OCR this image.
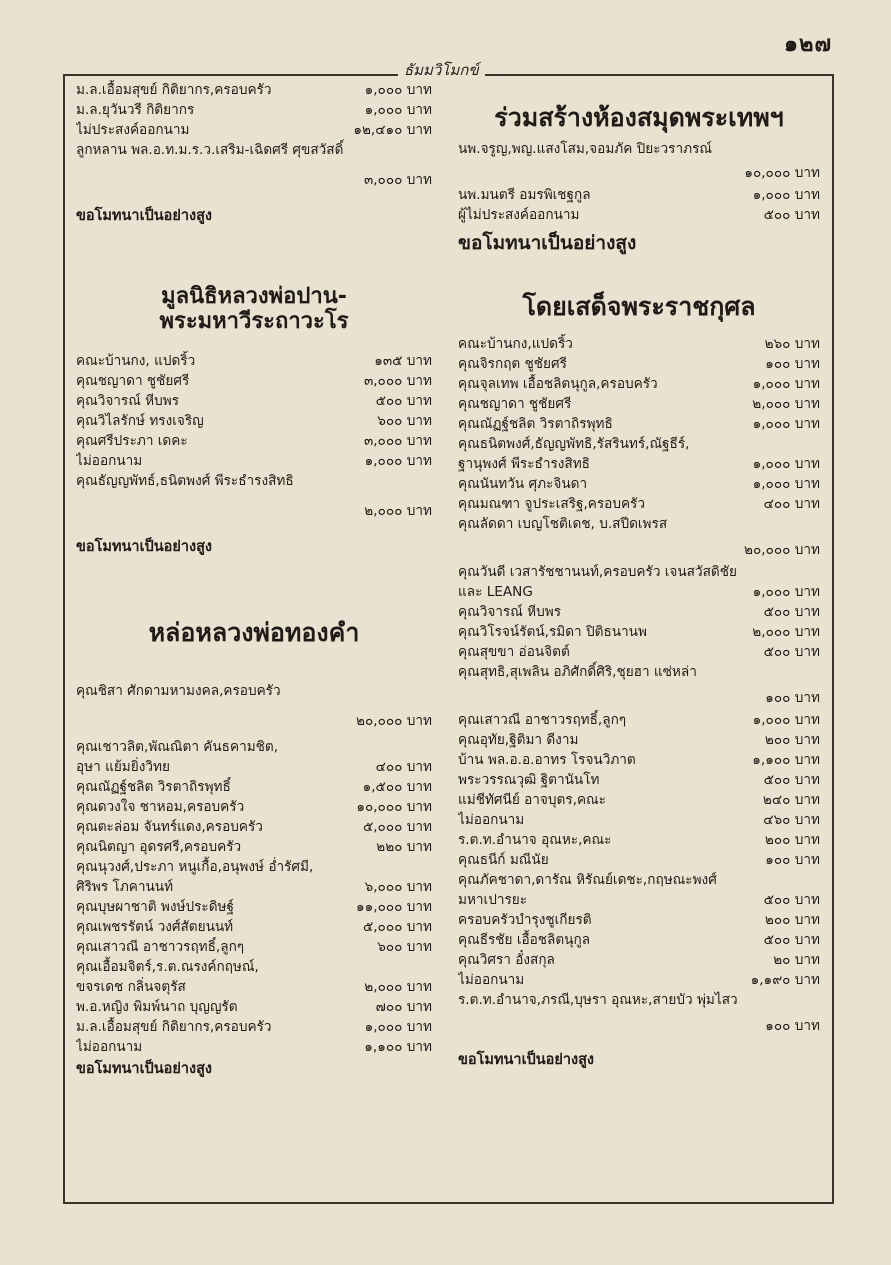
๑๒๗
ธัมมวิโมกข์
ม.ล.เอื้อมสุขย์ กิติยากร,ครอบครัว	๑,๐๐๐ บาท
ม.ล.ยุวันวรี กิติยากร	๑,๐๐๐ บาท
ไม่ประสงค์ออกนาม	๑๒,๔๑๐ บาท
ลูกหลาน พล.อ.ท.ม.ร.ว.เสริม-เฉิดศรี ศุขสวัสดิ์
๓,๐๐๐ บาท
ขอโมทนาเป็นอย่างสูง
มูลนิธิหลวงพ่อปาน-
พระมหาวีระถาวะโร
คณะบ้านกง, แปดริ้ว	๑๓๕ บาท
คุณชญาดา ชูชัยศรี	๓,๐๐๐ บาท
คุณวิจารณ์ หีบพร	๕๐๐ บาท
คุณวิไลรักษ์ ทรงเจริญ	๖๐๐ บาท
คุณศรีประภา เดคะ	๓,๐๐๐ บาท
ไม่ออกนาม	๑,๐๐๐ บาท
คุณธัญญพัทธ์,ธนิตพงศ์ พีระธำรงสิทธิ
๒,๐๐๐ บาท
ขอโมทนาเป็นอย่างสูง
หล่อหลวงพ่อทองคำ
คุณชิสา ศักดามหามงคล,ครอบครัว
๒๐,๐๐๐ บาท
คุณเชาวลิต,พัณณิตา คันธคามชิต,
อุษา แย้มยิ่งวิทย	๔๐๐ บาท
คุณณัฏฐ์ชลิต วิรตาถิรพุทธิ์	๑,๕๐๐ บาท
คุณดวงใจ ชาหอม,ครอบครัว	๑๐,๐๐๐ บาท
คุณตะล่อม จันทร์แดง,ครอบครัว	๕,๐๐๐ บาท
คุณนิตญา อุดรศรี,ครอบครัว	๒๒๐ บาท
คุณนุวงศ์,ประภา หนูเกื้อ,อนุพงษ์ อ่ำรัศมี,
ศิริพร โภคานนท์	๖,๐๐๐ บาท
คุณบุษผาชาติ พงษ์ประดิษฐ์	๑๑,๐๐๐ บาท
คุณเพชรรัตน์ วงศ์สัตยนนท์	๕,๐๐๐ บาท
คุณเสาวณี อาชาวรฤทธิ์,ลูกๆ	๖๐๐ บาท
คุณเอื้อมจิตร์,ร.ต.ณรงค์กฤษณ์,
ขจรเดช กลิ่นจตุรัส	๒,๐๐๐ บาท
พ.อ.หญิง พิมพ์นาถ บุญญรัต	๗๐๐ บาท
ม.ล.เอื้อมสุขย์ กิติยากร,ครอบครัว	๑,๐๐๐ บาท
ไม่ออกนาม	๑,๑๐๐ บาท
ขอโมทนาเป็นอย่างสูง
ร่วมสร้างห้องสมุดพระเทพฯ
นพ.จรูญ,พญ.แสงโสม,จอมภัค ปิยะวราภรณ์
๑๐,๐๐๐ บาท
นพ.มนตรี อมรพิเชฐกูล	๑,๐๐๐ บาท
ผู้ไม่ประสงค์ออกนาม	๕๐๐ บาท
ขอโมทนาเป็นอย่างสูง
โดยเสด็จพระราชกุศล
คณะบ้านกง,แปดริ้ว	๒๖๐ บาท
คุณจิรกฤต ชูชัยศรี	๑๐๐ บาท
คุณจุลเทพ เอื้อชลิตนุกูล,ครอบครัว	๑,๐๐๐ บาท
คุณชญาดา ชูชัยศรี	๒,๐๐๐ บาท
คุณณัฏฐ์ชลิต วิรตาถิรพุทธิ	๑,๐๐๐ บาท
คุณธนิตพงศ์,ธัญญพัทธิ,รัสรินทร์,ณัฐธีร์,
ฐานุพงศ์ พีระธำรงสิทธิ	๑,๐๐๐ บาท
คุณนันทวัน ศุภะจินดา	๑,๐๐๐ บาท
คุณมณฑา จูประเสริฐ,ครอบครัว	๔๐๐ บาท
คุณลัดดา เบญโชติเดช, บ.สปีดเพรส
๒๐,๐๐๐ บาท
คุณวันดี เวสารัชชานนท์,ครอบครัว เจนสวัสดิชัย
และ LEANG	๑,๐๐๐ บาท
คุณวิจารณ์ หีบพร	๕๐๐ บาท
คุณวิโรจน์รัตน์,รมิดา ปิติธนานพ	๒,๐๐๐ บาท
คุณสุขขา อ่อนจิตต์	๕๐๐ บาท
คุณสุทธิ,สุเพลิน อภิศักดิ์ศิริ,ชุยฮา แซ่หล่า
๑๐๐ บาท
คุณเสาวณี อาชาวรฤทธิ์,ลูกๆ	๑,๐๐๐ บาท
คุณอุทัย,ฐิติมา ดีงาม	๒๐๐ บาท
บ้าน พล.อ.อ.อาทร โรจนวิภาต	๑,๑๐๐ บาท
พระวรรณวุฒิ ฐิตานันโท	๕๐๐ บาท
แม่ชีทัศนีย์ อาจบุตร,คณะ	๒๔๐ บาท
ไม่ออกนาม	๔๖๐ บาท
ร.ต.ท.อำนาจ อุณหะ,คณะ	๒๐๐ บาท
คุณธนีก์ มณีนัย	๑๐๐ บาท
คุณภัคชาดา,ดารัณ หิรัณย์เดชะ,กฤษณะพงศ์
มหาเปารยะ	๕๐๐ บาท
ครอบครัวบำรุงชูเกียรติ	๒๐๐ บาท
คุณธีรชัย เอื้อชลิตนุกูล	๕๐๐ บาท
คุณวิศรา อั๋งสกุล	๒๐ บาท
ไม่ออกนาม	๑,๑๙๐ บาท
ร.ต.ท.อำนาจ,ภรณี,บุษรา อุณหะ,สายบัว พุ่มไสว
๑๐๐ บาท
ขอโมทนาเป็นอย่างสูง
